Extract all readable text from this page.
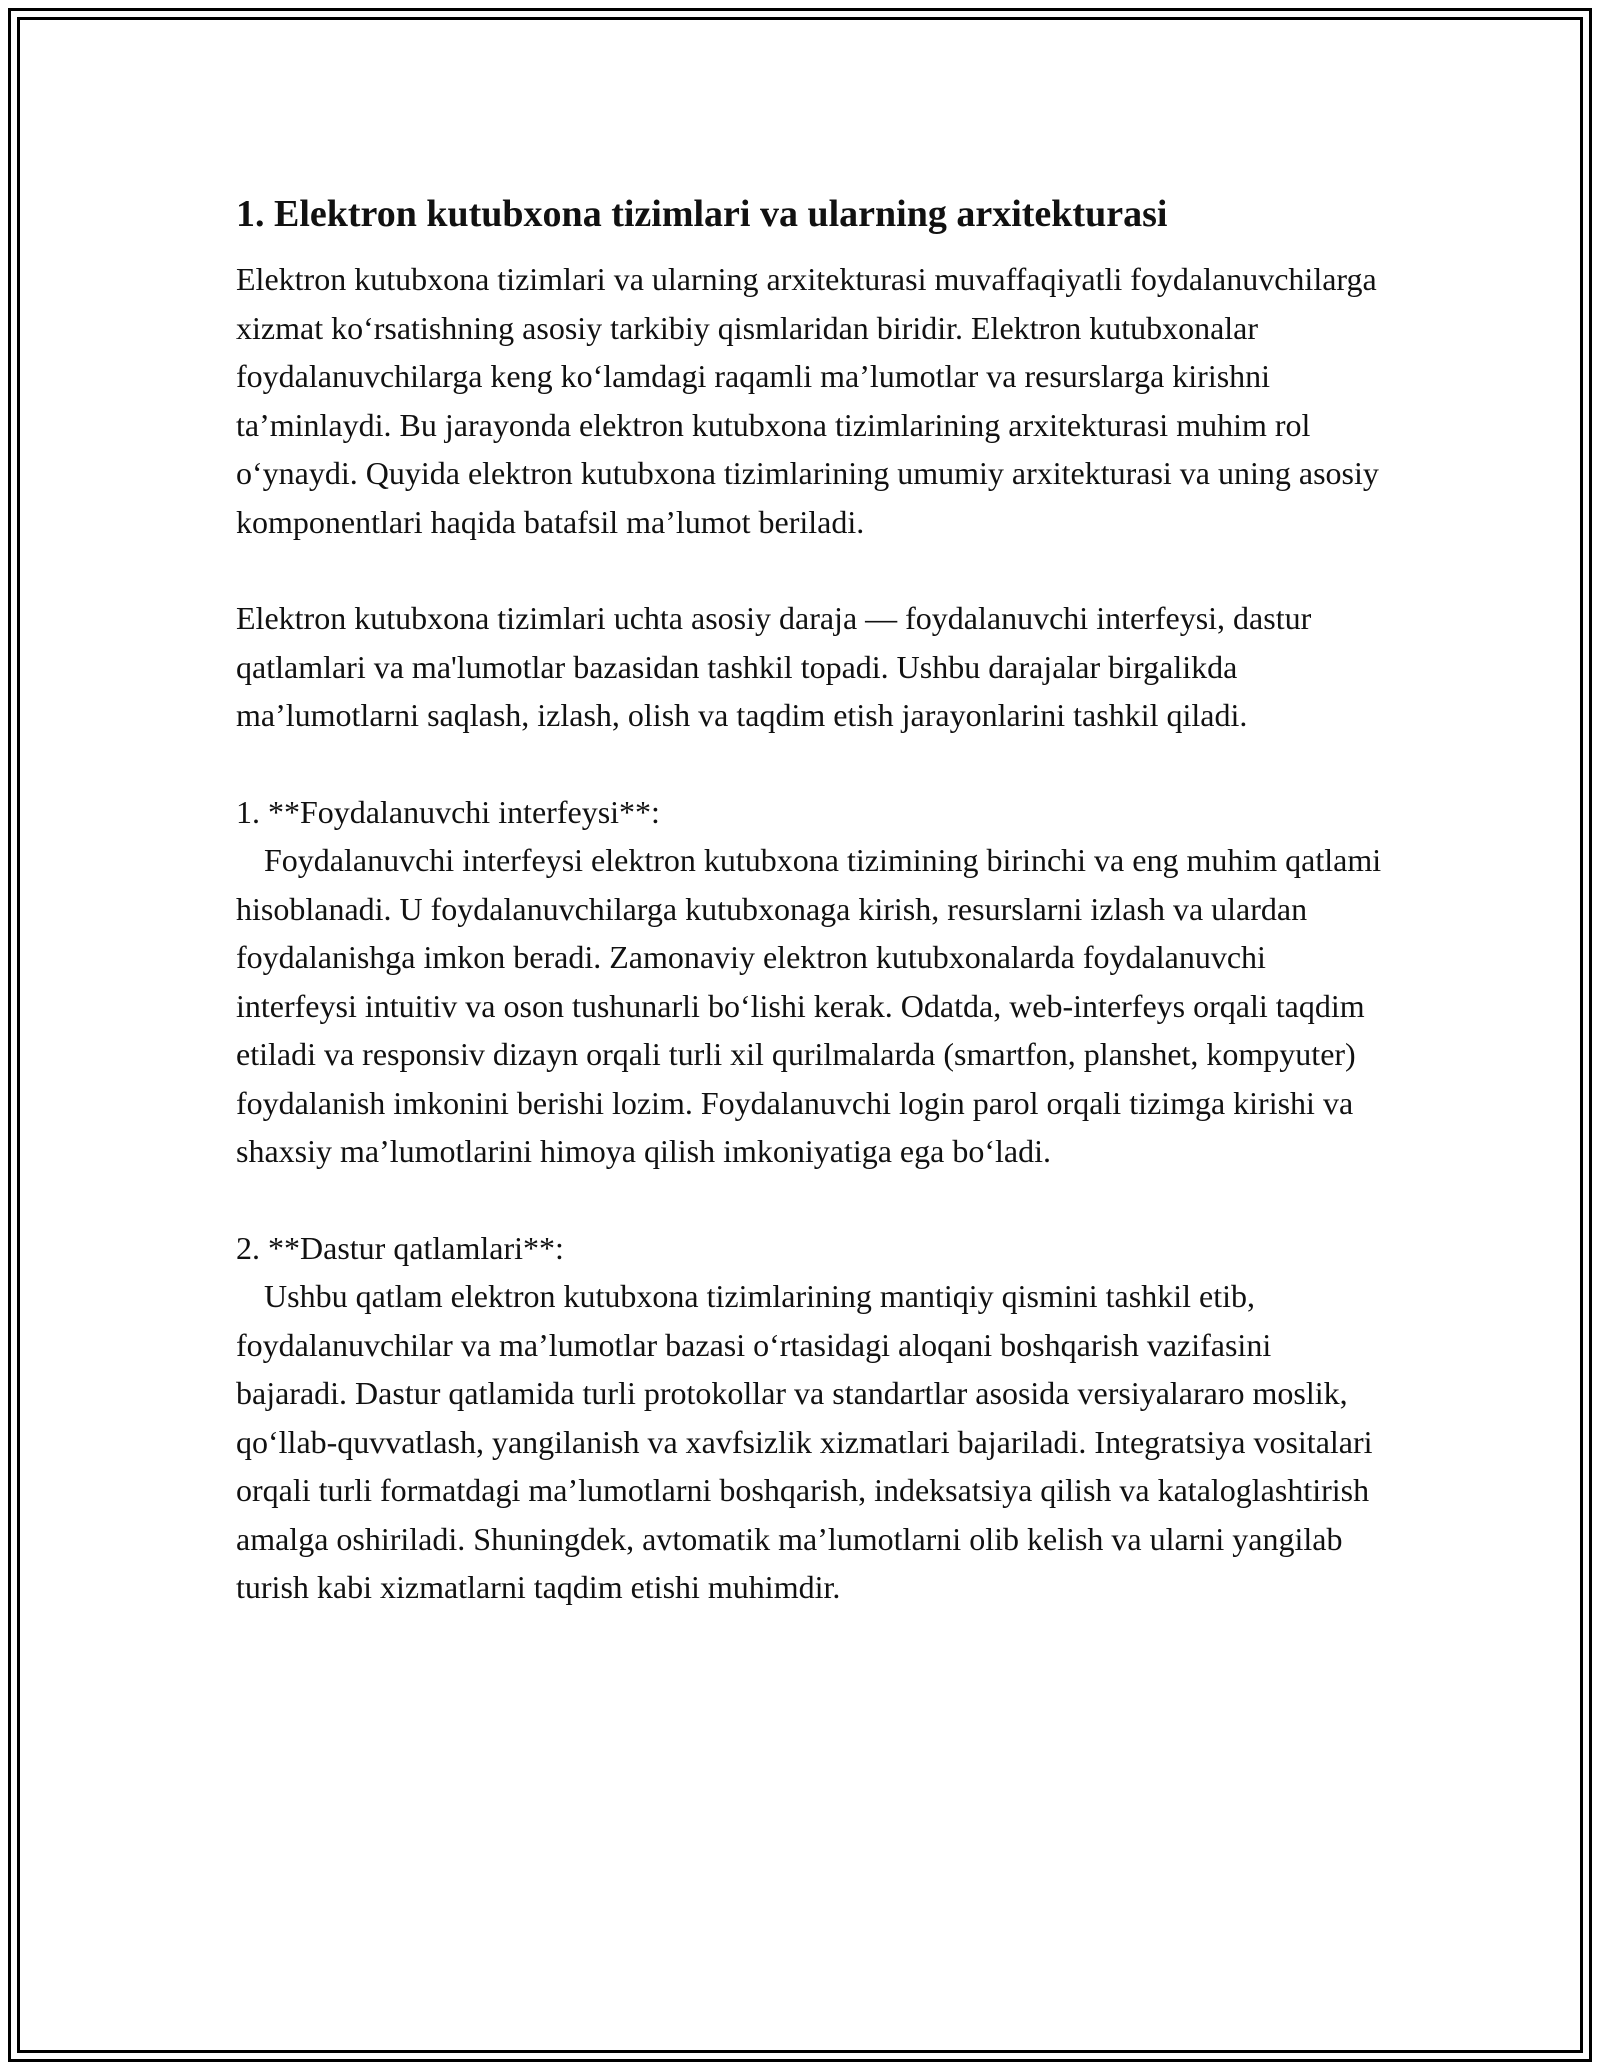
1. Elektron kutubxona tizimlari va ularning arxitekturasi

Elektron kutubxona tizimlari va ularning arxitekturasi muvaffaqiyatli foydalanuvchilarga xizmat koʻrsatishning asosiy tarkibiy qismlaridan biridir. Elektron kutubxonalar foydalanuvchilarga keng koʻlamdagi raqamli ma’lumotlar va resurslarga kirishni ta’minlaydi. Bu jarayonda elektron kutubxona tizimlarining arxitekturasi muhim rol oʻynaydi. Quyida elektron kutubxona tizimlarining umumiy arxitekturasi va uning asosiy komponentlari haqida batafsil ma’lumot beriladi.

Elektron kutubxona tizimlari uchta asosiy daraja — foydalanuvchi interfeysi, dastur qatlamlari va ma'lumotlar bazasidan tashkil topadi. Ushbu darajalar birgalikda ma’lumotlarni saqlash, izlash, olish va taqdim etish jarayonlarini tashkil qiladi.

1. **Foydalanuvchi interfeysi**:

Foydalanuvchi interfeysi elektron kutubxona tizimining birinchi va eng muhim qatlami hisoblanadi. U foydalanuvchilarga kutubxonaga kirish, resurslarni izlash va ulardan foydalanishga imkon beradi. Zamonaviy elektron kutubxonalarda foydalanuvchi interfeysi intuitiv va oson tushunarli boʻlishi kerak. Odatda, web-interfeys orqali taqdim etiladi va responsiv dizayn orqali turli xil qurilmalarda (smartfon, planshet, kompyuter) foydalanish imkonini berishi lozim. Foydalanuvchi login parol orqali tizimga kirishi va shaxsiy ma’lumotlarini himoya qilish imkoniyatiga ega boʻladi.

2. **Dastur qatlamlari**:

Ushbu qatlam elektron kutubxona tizimlarining mantiqiy qismini tashkil etib, foydalanuvchilar va ma’lumotlar bazasi oʻrtasidagi aloqani boshqarish vazifasini bajaradi. Dastur qatlamida turli protokollar va standartlar asosida versiyalararo moslik, qoʻllab-quvvatlash, yangilanish va xavfsizlik xizmatlari bajariladi. Integratsiya vositalari orqali turli formatdagi ma’lumotlarni boshqarish, indeksatsiya qilish va kataloglashtirish amalga oshiriladi. Shuningdek, avtomatik ma’lumotlarni olib kelish va ularni yangilab turish kabi xizmatlarni taqdim etishi muhimdir.
